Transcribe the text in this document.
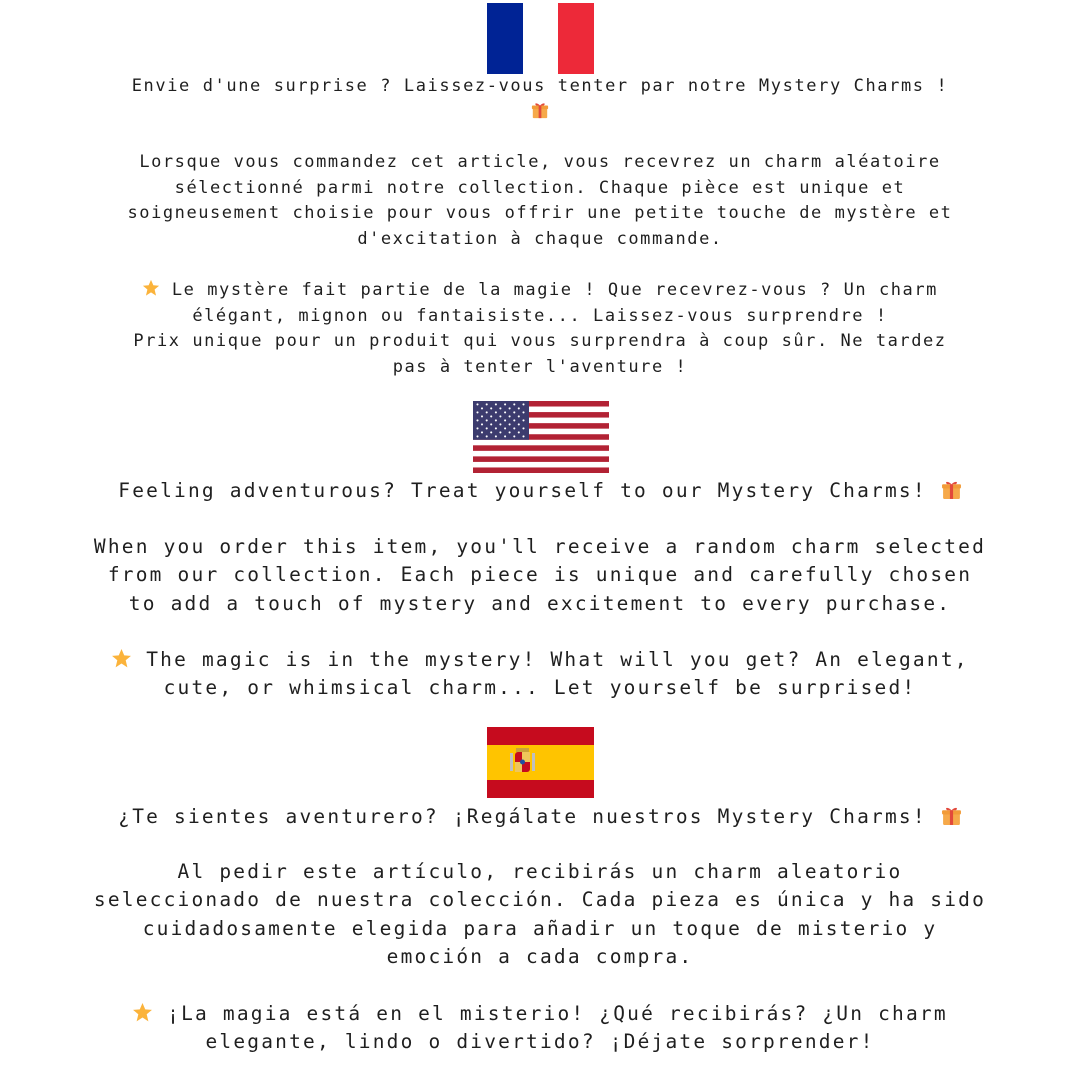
Envie d'une surprise ? Laissez-vous tenter par notre Mystery Charms !
Lorsque vous commandez cet article, vous recevrez un charm aléatoire
sélectionné parmi notre collection. Chaque pièce est unique et
soigneusement choisie pour vous offrir une petite touche de mystère et
d'excitation à chaque commande.
Le mystère fait partie de la magie ! Que recevrez-vous ? Un charm
élégant, mignon ou fantaisiste... Laissez-vous surprendre !
Prix unique pour un produit qui vous surprendra à coup sûr. Ne tardez
pas à tenter l'aventure !
Feeling adventurous? Treat yourself to our Mystery Charms!
When you order this item, you'll receive a random charm selected
from our collection. Each piece is unique and carefully chosen
to add a touch of mystery and excitement to every purchase.
The magic is in the mystery! What will you get? An elegant,
cute, or whimsical charm... Let yourself be surprised!
¿Te sientes aventurero? ¡Regálate nuestros Mystery Charms!
Al pedir este artículo, recibirás un charm aleatorio
seleccionado de nuestra colección. Cada pieza es única y ha sido
cuidadosamente elegida para añadir un toque de misterio y
emoción a cada compra.
¡La magia está en el misterio! ¿Qué recibirás? ¿Un charm
elegante, lindo o divertido? ¡Déjate sorprender!
